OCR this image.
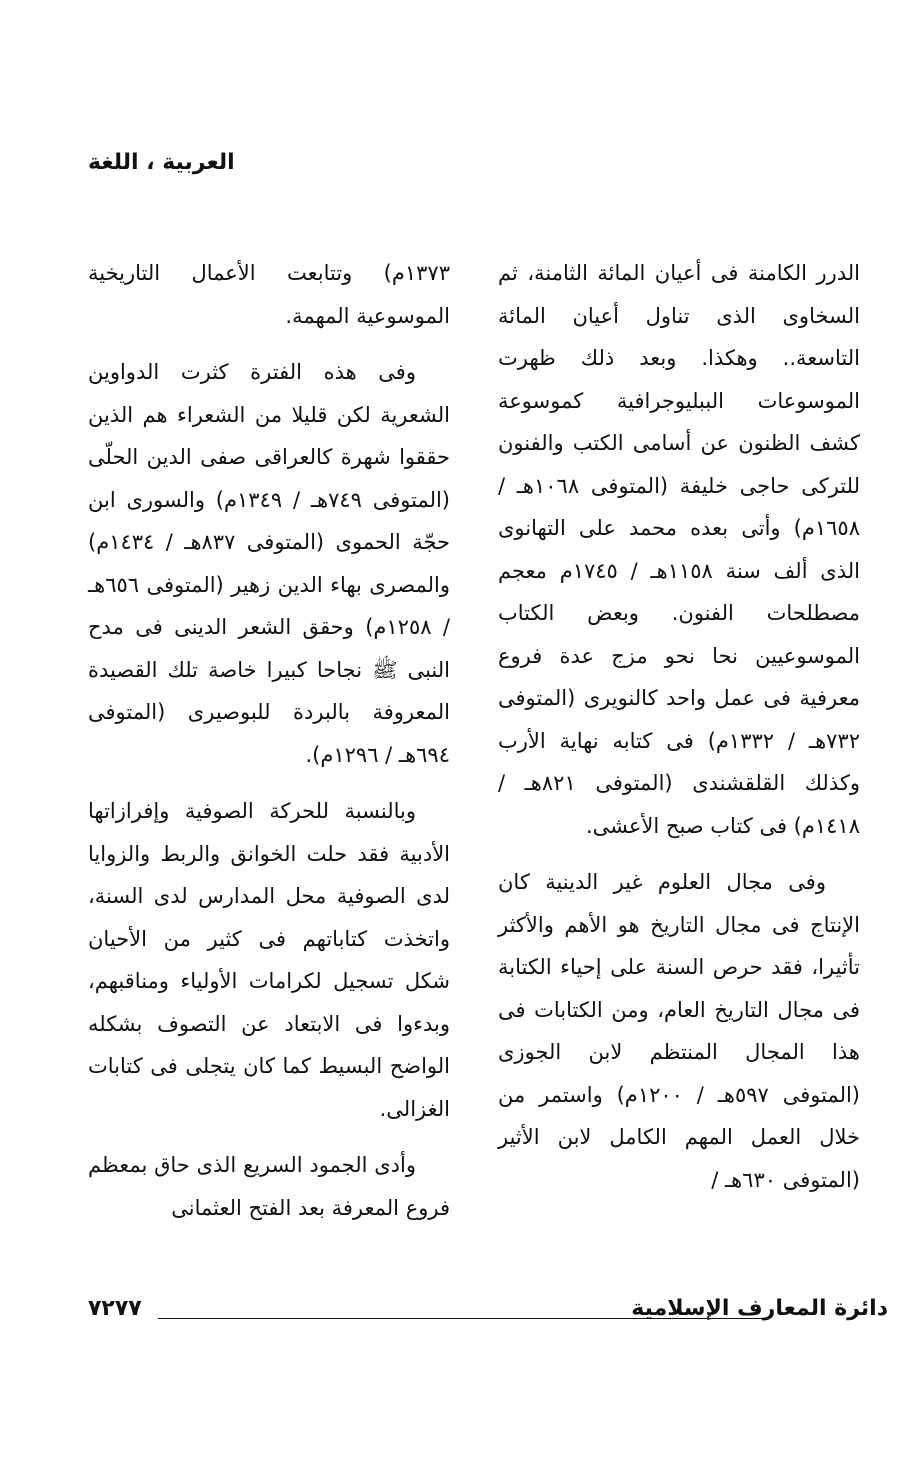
العربية ، اللغة

الدرر الكامنة فى أعيان المائة الثامنة، ثم السخاوى الذى تناول أعيان المائة التاسعة.. وهكذا. وبعد ذلك ظهرت الموسوعات الببليوجرافية كموسوعة كشف الظنون عن أسامى الكتب والفنون للتركى حاجى خليفة (المتوفى ١٠٦٨هـ / ١٦٥٨م) وأتى بعده محمد على التهانوى الذى ألف سنة ١١٥٨هـ / ١٧٤٥م معجم مصطلحات الفنون. وبعض الكتاب الموسوعيين نحا نحو مزج عدة فروع معرفية فى عمل واحد كالنويرى (المتوفى ٧٣٢هـ / ١٣٣٢م) فى كتابه نهاية الأرب وكذلك القلقشندى (المتوفى ٨٢١هـ / ١٤١٨م) فى كتاب صبح الأعشى.

وفى مجال العلوم غير الدينية كان الإنتاج فى مجال التاريخ هو الأهم والأكثر تأثيرا، فقد حرص السنة على إحياء الكتابة فى مجال التاريخ العام، ومن الكتابات فى هذا المجال المنتظم لابن الجوزى (المتوفى ٥٩٧هـ / ١٢٠٠م) واستمر من خلال العمل المهم الكامل لابن الأثير (المتوفى ٦٣٠هـ /

١٣٧٣م) وتتابعت الأعمال التاريخية الموسوعية المهمة.

وفى هذه الفترة كثرت الدواوين الشعرية لكن قليلا من الشعراء هم الذين حققوا شهرة كالعراقى صفى الدين الحلّى (المتوفى ٧٤٩هـ / ١٣٤٩م) والسورى ابن حجّة الحموى (المتوفى ٨٣٧هـ / ١٤٣٤م) والمصرى بهاء الدين زهير (المتوفى ٦٥٦هـ / ١٢٥٨م) وحقق الشعر الدينى فى مدح النبى ﷺ نجاحا كبيرا خاصة تلك القصيدة المعروفة بالبردة للبوصيرى (المتوفى ٦٩٤هـ / ١٢٩٦م).

وبالنسبة للحركة الصوفية وإفرازاتها الأدبية فقد حلت الخوانق والربط والزوايا لدى الصوفية محل المدارس لدى السنة، واتخذت كتاباتهم فى كثير من الأحيان شكل تسجيل لكرامات الأولياء ومناقبهم، وبدءوا فى الابتعاد عن التصوف بشكله الواضح البسيط كما كان يتجلى فى كتابات الغزالى.

وأدى الجمود السريع الذى حاق بمعظم فروع المعرفة بعد الفتح العثمانى

٧٢٧٧	دائرة المعارف الإسلامية
